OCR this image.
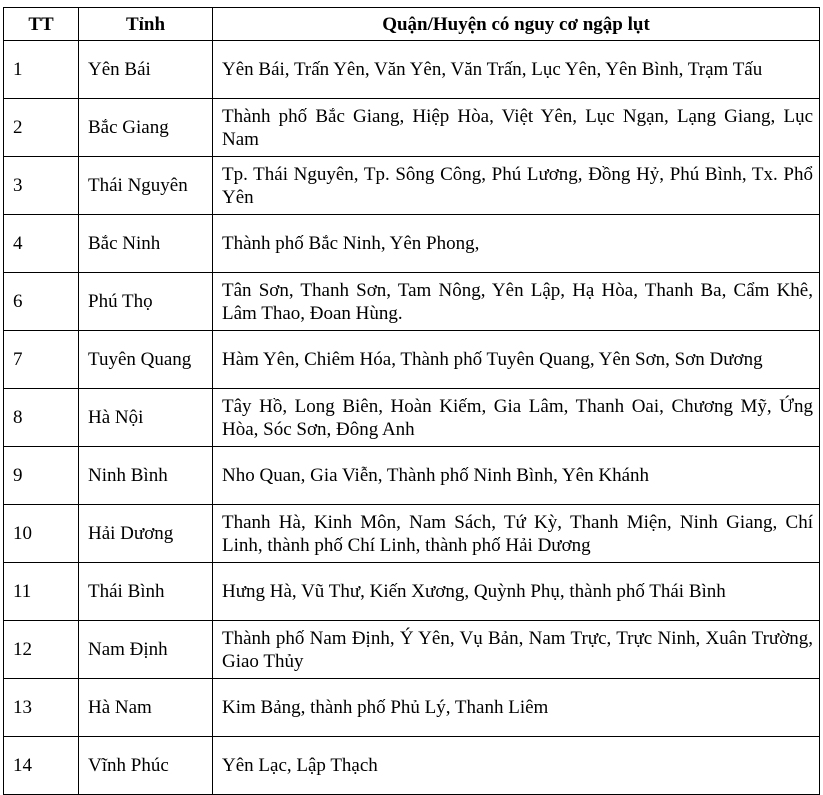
TT	Tỉnh	Quận/Huyện có nguy cơ ngập lụt
1	Yên Bái	Yên Bái, Trấn Yên, Văn Yên, Văn Trấn, Lục Yên, Yên Bình, Trạm Tấu
2	Bắc Giang	Thành phố Bắc Giang, Hiệp Hòa, Việt Yên, Lục Ngạn, Lạng Giang, Lục Nam
3	Thái Nguyên	Tp. Thái Nguyên, Tp. Sông Công, Phú Lương, Đồng Hỷ, Phú Bình, Tx. Phổ Yên
4	Bắc Ninh	Thành phố Bắc Ninh, Yên Phong,
6	Phú Thọ	Tân Sơn, Thanh Sơn, Tam Nông, Yên Lập, Hạ Hòa, Thanh Ba, Cẩm Khê, Lâm Thao, Đoan Hùng.
7	Tuyên Quang	Hàm Yên, Chiêm Hóa, Thành phố Tuyên Quang, Yên Sơn, Sơn Dương
8	Hà Nội	Tây Hồ, Long Biên, Hoàn Kiếm, Gia Lâm, Thanh Oai, Chương Mỹ, Ứng Hòa, Sóc Sơn, Đông Anh
9	Ninh Bình	Nho Quan, Gia Viễn, Thành phố Ninh Bình, Yên Khánh
10	Hải Dương	Thanh Hà, Kinh Môn, Nam Sách, Tứ Kỳ, Thanh Miện, Ninh Giang, Chí Linh, thành phố Chí Linh, thành phố Hải Dương
11	Thái Bình	Hưng Hà, Vũ Thư, Kiến Xương, Quỳnh Phụ, thành phố Thái Bình
12	Nam Định	Thành phố Nam Định, Ý Yên, Vụ Bản, Nam Trực, Trực Ninh, Xuân Trường, Giao Thủy
13	Hà Nam	Kim Bảng, thành phố Phủ Lý, Thanh Liêm
14	Vĩnh Phúc	Yên Lạc, Lập Thạch
